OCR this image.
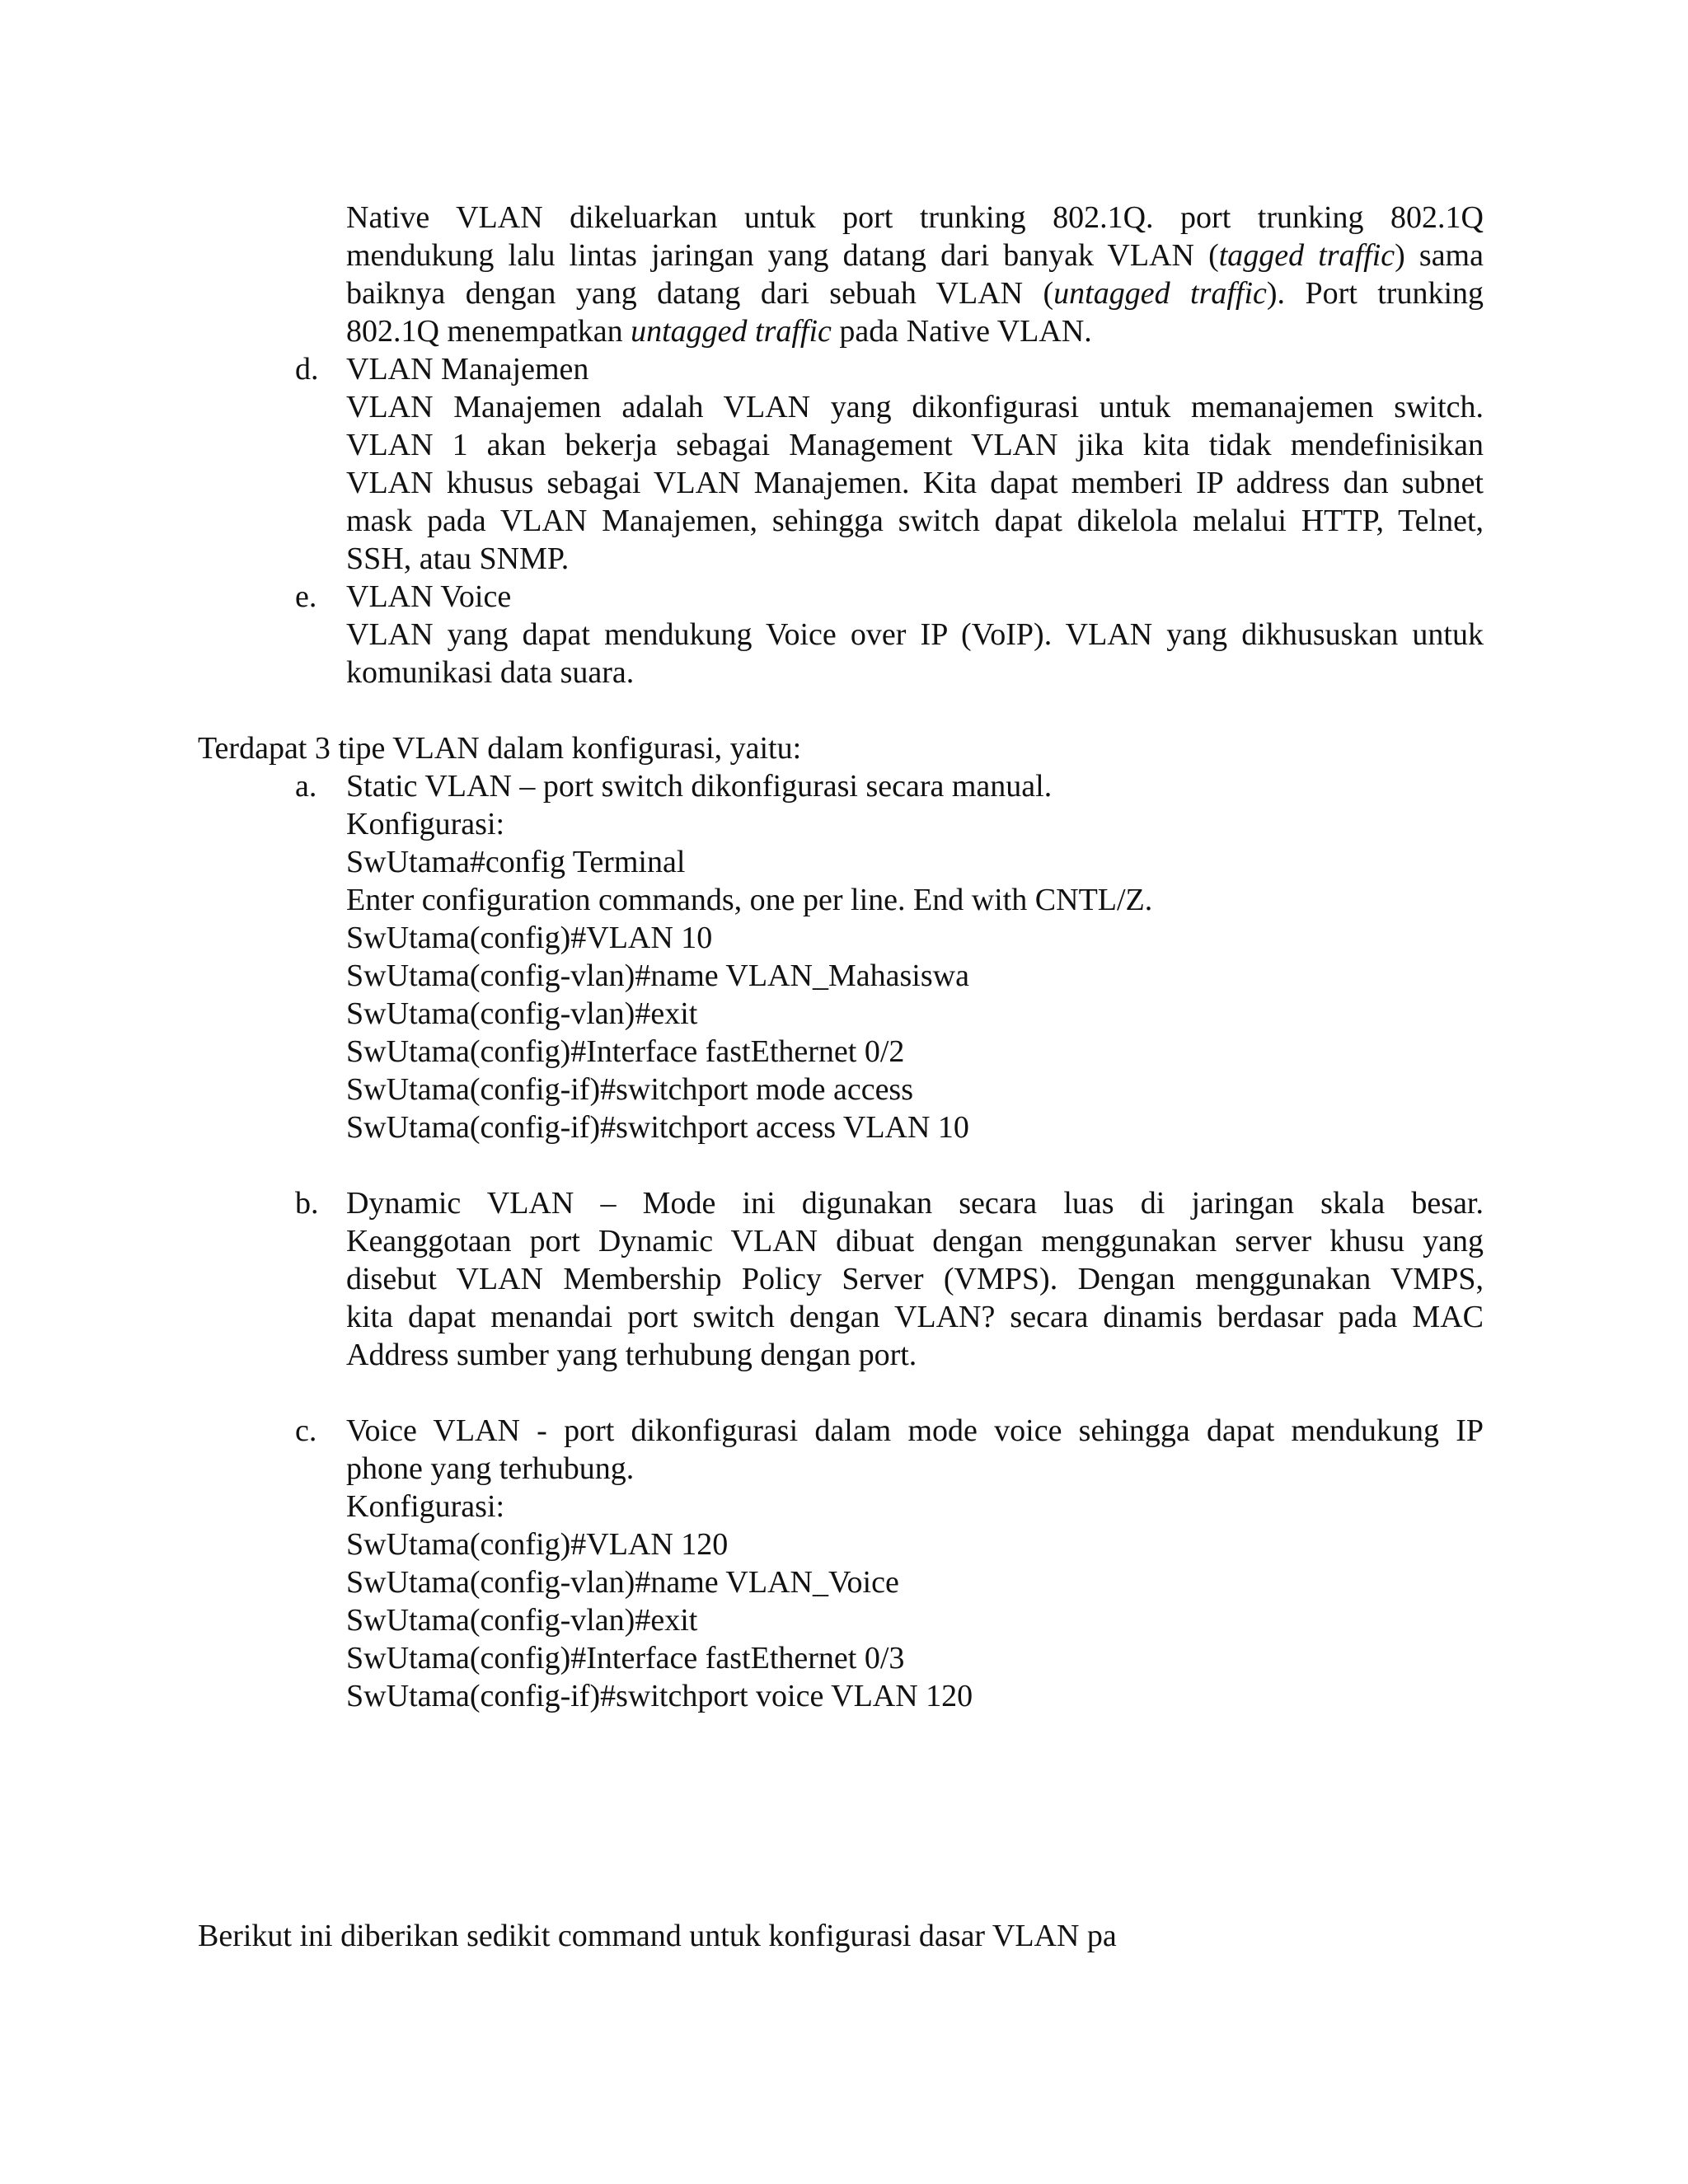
Native VLAN dikeluarkan untuk port trunking 802.1Q. port trunking 802.1Q
mendukung lalu lintas jaringan yang datang dari banyak VLAN (tagged traffic) sama
baiknya dengan yang datang dari sebuah VLAN (untagged traffic). Port trunking
802.1Q menempatkan untagged traffic pada Native VLAN.
d. VLAN Manajemen
VLAN Manajemen adalah VLAN yang dikonfigurasi untuk memanajemen switch.
VLAN 1 akan bekerja sebagai Management VLAN jika kita tidak mendefinisikan
VLAN khusus sebagai VLAN Manajemen. Kita dapat memberi IP address dan subnet
mask pada VLAN Manajemen, sehingga switch dapat dikelola melalui HTTP, Telnet,
SSH, atau SNMP.
e. VLAN Voice
VLAN yang dapat mendukung Voice over IP (VoIP). VLAN yang dikhususkan untuk
komunikasi data suara.
Terdapat 3 tipe VLAN dalam konfigurasi, yaitu:
a. Static VLAN – port switch dikonfigurasi secara manual.
Konfigurasi:
SwUtama#config Terminal
Enter configuration commands, one per line. End with CNTL/Z.
SwUtama(config)#VLAN 10
SwUtama(config-vlan)#name VLAN_Mahasiswa
SwUtama(config-vlan)#exit
SwUtama(config)#Interface fastEthernet 0/2
SwUtama(config-if)#switchport mode access
SwUtama(config-if)#switchport access VLAN 10
b. Dynamic VLAN – Mode ini digunakan secara luas di jaringan skala besar.
Keanggotaan port Dynamic VLAN dibuat dengan menggunakan server khusu yang
disebut VLAN Membership Policy Server (VMPS). Dengan menggunakan VMPS,
kita dapat menandai port switch dengan VLAN? secara dinamis berdasar pada MAC
Address sumber yang terhubung dengan port.
c. Voice VLAN - port dikonfigurasi dalam mode voice sehingga dapat mendukung IP
phone yang terhubung.
Konfigurasi:
SwUtama(config)#VLAN 120
SwUtama(config-vlan)#name VLAN_Voice
SwUtama(config-vlan)#exit
SwUtama(config)#Interface fastEthernet 0/3
SwUtama(config-if)#switchport voice VLAN 120
Berikut ini diberikan sedikit command untuk konfigurasi dasar VLAN pa
